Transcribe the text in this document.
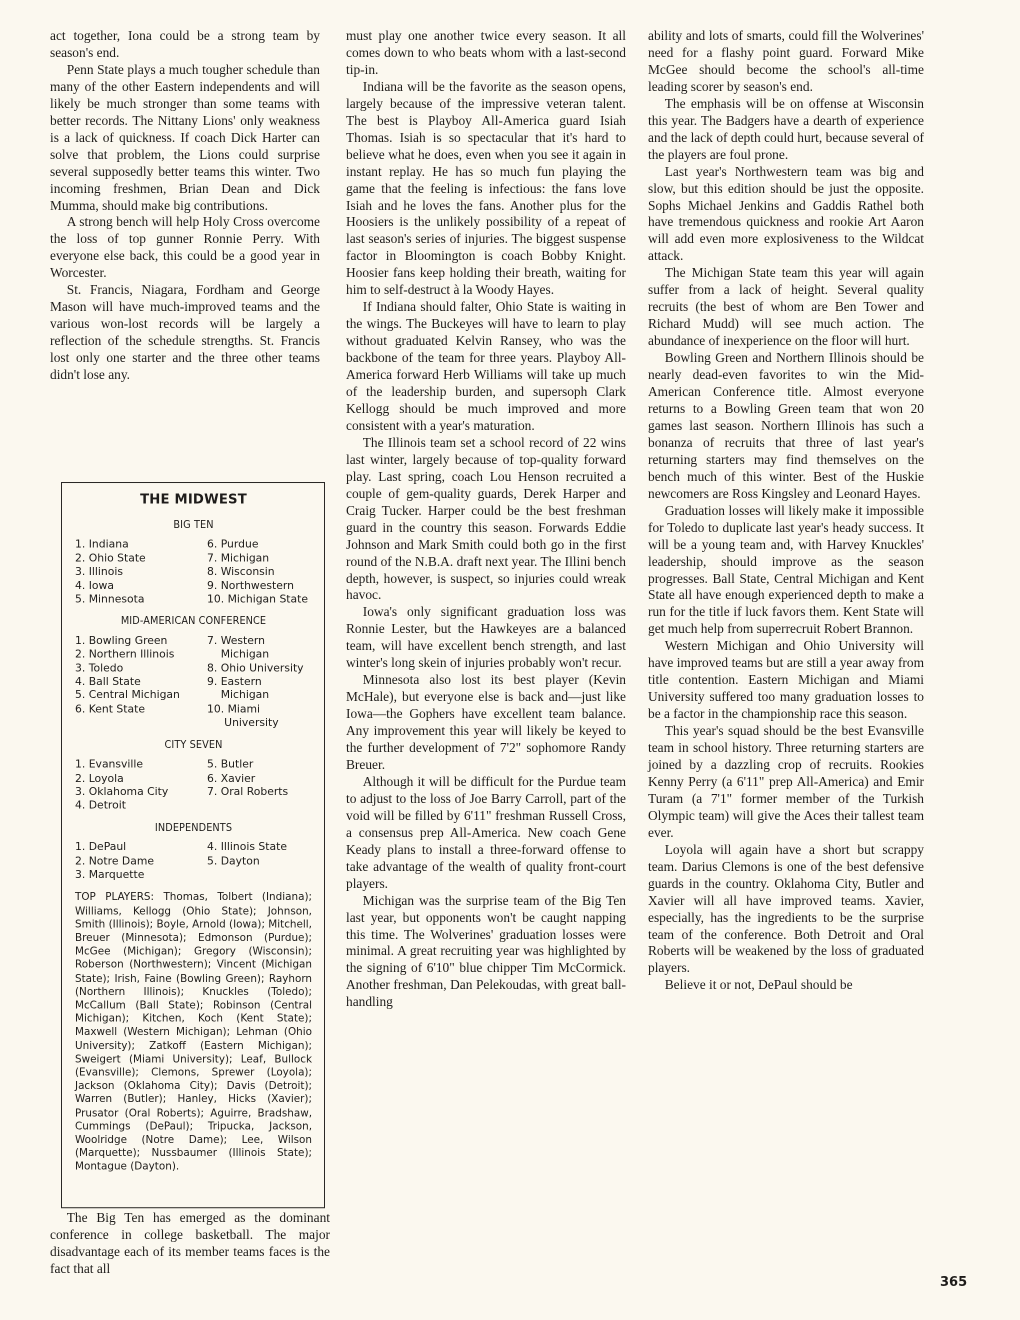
act together, Iona could be a strong team by season's end.

Penn State plays a much tougher schedule than many of the other Eastern independents and will likely be much stronger than some teams with better records. The Nittany Lions' only weakness is a lack of quickness. If coach Dick Harter can solve that problem, the Lions could surprise several supposedly better teams this winter. Two incoming freshmen, Brian Dean and Dick Mumma, should make big contributions.

A strong bench will help Holy Cross overcome the loss of top gunner Ronnie Perry. With everyone else back, this could be a good year in Worcester.

St. Francis, Niagara, Fordham and George Mason will have much-improved teams and the various won-lost records will be largely a reflection of the schedule strengths. St. Francis lost only one starter and the three other teams didn't lose any.

THE MIDWEST
BIG TEN
1. Indiana
2. Ohio State
3. Illinois
4. Iowa
5. Minnesota
6. Purdue
7. Michigan
8. Wisconsin
9. Northwestern
10. Michigan State
MID-AMERICAN CONFERENCE
1. Bowling Green
2. Northern Illinois
3. Toledo
4. Ball State
5. Central Michigan
6. Kent State
7. Western
Michigan
8. Ohio University
9. Eastern
Michigan
10. Miami
University
CITY SEVEN
1. Evansville
2. Loyola
3. Oklahoma City
4. Detroit
5. Butler
6. Xavier
7. Oral Roberts
INDEPENDENTS
1. DePaul
2. Notre Dame
3. Marquette
4. Illinois State
5. Dayton
TOP PLAYERS: Thomas, Tolbert (Indiana); Williams, Kellogg (Ohio State); Johnson, Smith (Illinois); Boyle, Arnold (Iowa); Mitchell, Breuer (Minnesota); Edmonson (Purdue); McGee (Michigan); Gregory (Wisconsin); Roberson (Northwestern); Vincent (Michigan State); Irish, Faine (Bowling Green); Rayhorn (Northern Illinois); Knuckles (Toledo); McCallum (Ball State); Robinson (Central Michigan); Kitchen, Koch (Kent State); Maxwell (Western Michigan); Lehman (Ohio University); Zatkoff (Eastern Michigan); Sweigert (Miami University); Leaf, Bullock (Evansville); Clemons, Sprewer (Loyola); Jackson (Oklahoma City); Davis (Detroit); Warren (Butler); Hanley, Hicks (Xavier); Prusator (Oral Roberts); Aguirre, Bradshaw, Cummings (DePaul); Tripucka, Jackson, Woolridge (Notre Dame); Lee, Wilson (Marquette); Nussbaumer (Illinois State); Montague (Dayton).

The Big Ten has emerged as the dominant conference in college basketball. The major disadvantage each of its member teams faces is the fact that all

must play one another twice every season. It all comes down to who beats whom with a last-second tip-in.

Indiana will be the favorite as the season opens, largely because of the impressive veteran talent. The best is Playboy All-America guard Isiah Thomas. Isiah is so spectacular that it's hard to believe what he does, even when you see it again in instant replay. He has so much fun playing the game that the feeling is infectious: the fans love Isiah and he loves the fans. Another plus for the Hoosiers is the unlikely possibility of a repeat of last season's series of injuries. The biggest suspense factor in Bloomington is coach Bobby Knight. Hoosier fans keep holding their breath, waiting for him to self-destruct à la Woody Hayes.

If Indiana should falter, Ohio State is waiting in the wings. The Buckeyes will have to learn to play without graduated Kelvin Ransey, who was the backbone of the team for three years. Playboy All-America forward Herb Williams will take up much of the leadership burden, and supersoph Clark Kellogg should be much improved and more consistent with a year's maturation.

The Illinois team set a school record of 22 wins last winter, largely because of top-quality forward play. Last spring, coach Lou Henson recruited a couple of gem-quality guards, Derek Harper and Craig Tucker. Harper could be the best freshman guard in the country this season. Forwards Eddie Johnson and Mark Smith could both go in the first round of the N.B.A. draft next year. The Illini bench depth, however, is suspect, so injuries could wreak havoc.

Iowa's only significant graduation loss was Ronnie Lester, but the Hawkeyes are a balanced team, will have excellent bench strength, and last winter's long skein of injuries probably won't recur.

Minnesota also lost its best player (Kevin McHale), but everyone else is back and—just like Iowa—the Gophers have excellent team balance. Any improvement this year will likely be keyed to the further development of 7'2" sophomore Randy Breuer.

Although it will be difficult for the Purdue team to adjust to the loss of Joe Barry Carroll, part of the void will be filled by 6'11" freshman Russell Cross, a consensus prep All-America. New coach Gene Keady plans to install a three-forward offense to take advantage of the wealth of quality front-court players.

Michigan was the surprise team of the Big Ten last year, but opponents won't be caught napping this time. The Wolverines' graduation losses were minimal. A great recruiting year was highlighted by the signing of 6'10" blue chipper Tim McCormick. Another freshman, Dan Pelekoudas, with great ball-handling

ability and lots of smarts, could fill the Wolverines' need for a flashy point guard. Forward Mike McGee should become the school's all-time leading scorer by season's end.

The emphasis will be on offense at Wisconsin this year. The Badgers have a dearth of experience and the lack of depth could hurt, because several of the players are foul prone.

Last year's Northwestern team was big and slow, but this edition should be just the opposite. Sophs Michael Jenkins and Gaddis Rathel both have tremendous quickness and rookie Art Aaron will add even more explosiveness to the Wildcat attack.

The Michigan State team this year will again suffer from a lack of height. Several quality recruits (the best of whom are Ben Tower and Richard Mudd) will see much action. The abundance of inexperience on the floor will hurt.

Bowling Green and Northern Illinois should be nearly dead-even favorites to win the Mid-American Conference title. Almost everyone returns to a Bowling Green team that won 20 games last season. Northern Illinois has such a bonanza of recruits that three of last year's returning starters may find themselves on the bench much of this winter. Best of the Huskie newcomers are Ross Kingsley and Leonard Hayes.

Graduation losses will likely make it impossible for Toledo to duplicate last year's heady success. It will be a young team and, with Harvey Knuckles' leadership, should improve as the season progresses. Ball State, Central Michigan and Kent State all have enough experienced depth to make a run for the title if luck favors them. Kent State will get much help from superrecruit Robert Brannon.

Western Michigan and Ohio University will have improved teams but are still a year away from title contention. Eastern Michigan and Miami University suffered too many graduation losses to be a factor in the championship race this season.

This year's squad should be the best Evansville team in school history. Three returning starters are joined by a dazzling crop of recruits. Rookies Kenny Perry (a 6'11" prep All-America) and Emir Turam (a 7'1" former member of the Turkish Olympic team) will give the Aces their tallest team ever.

Loyola will again have a short but scrappy team. Darius Clemons is one of the best defensive guards in the country. Oklahoma City, Butler and Xavier will all have improved teams. Xavier, especially, has the ingredients to be the surprise team of the conference. Both Detroit and Oral Roberts will be weakened by the loss of graduated players.

Believe it or not, DePaul should be

365
